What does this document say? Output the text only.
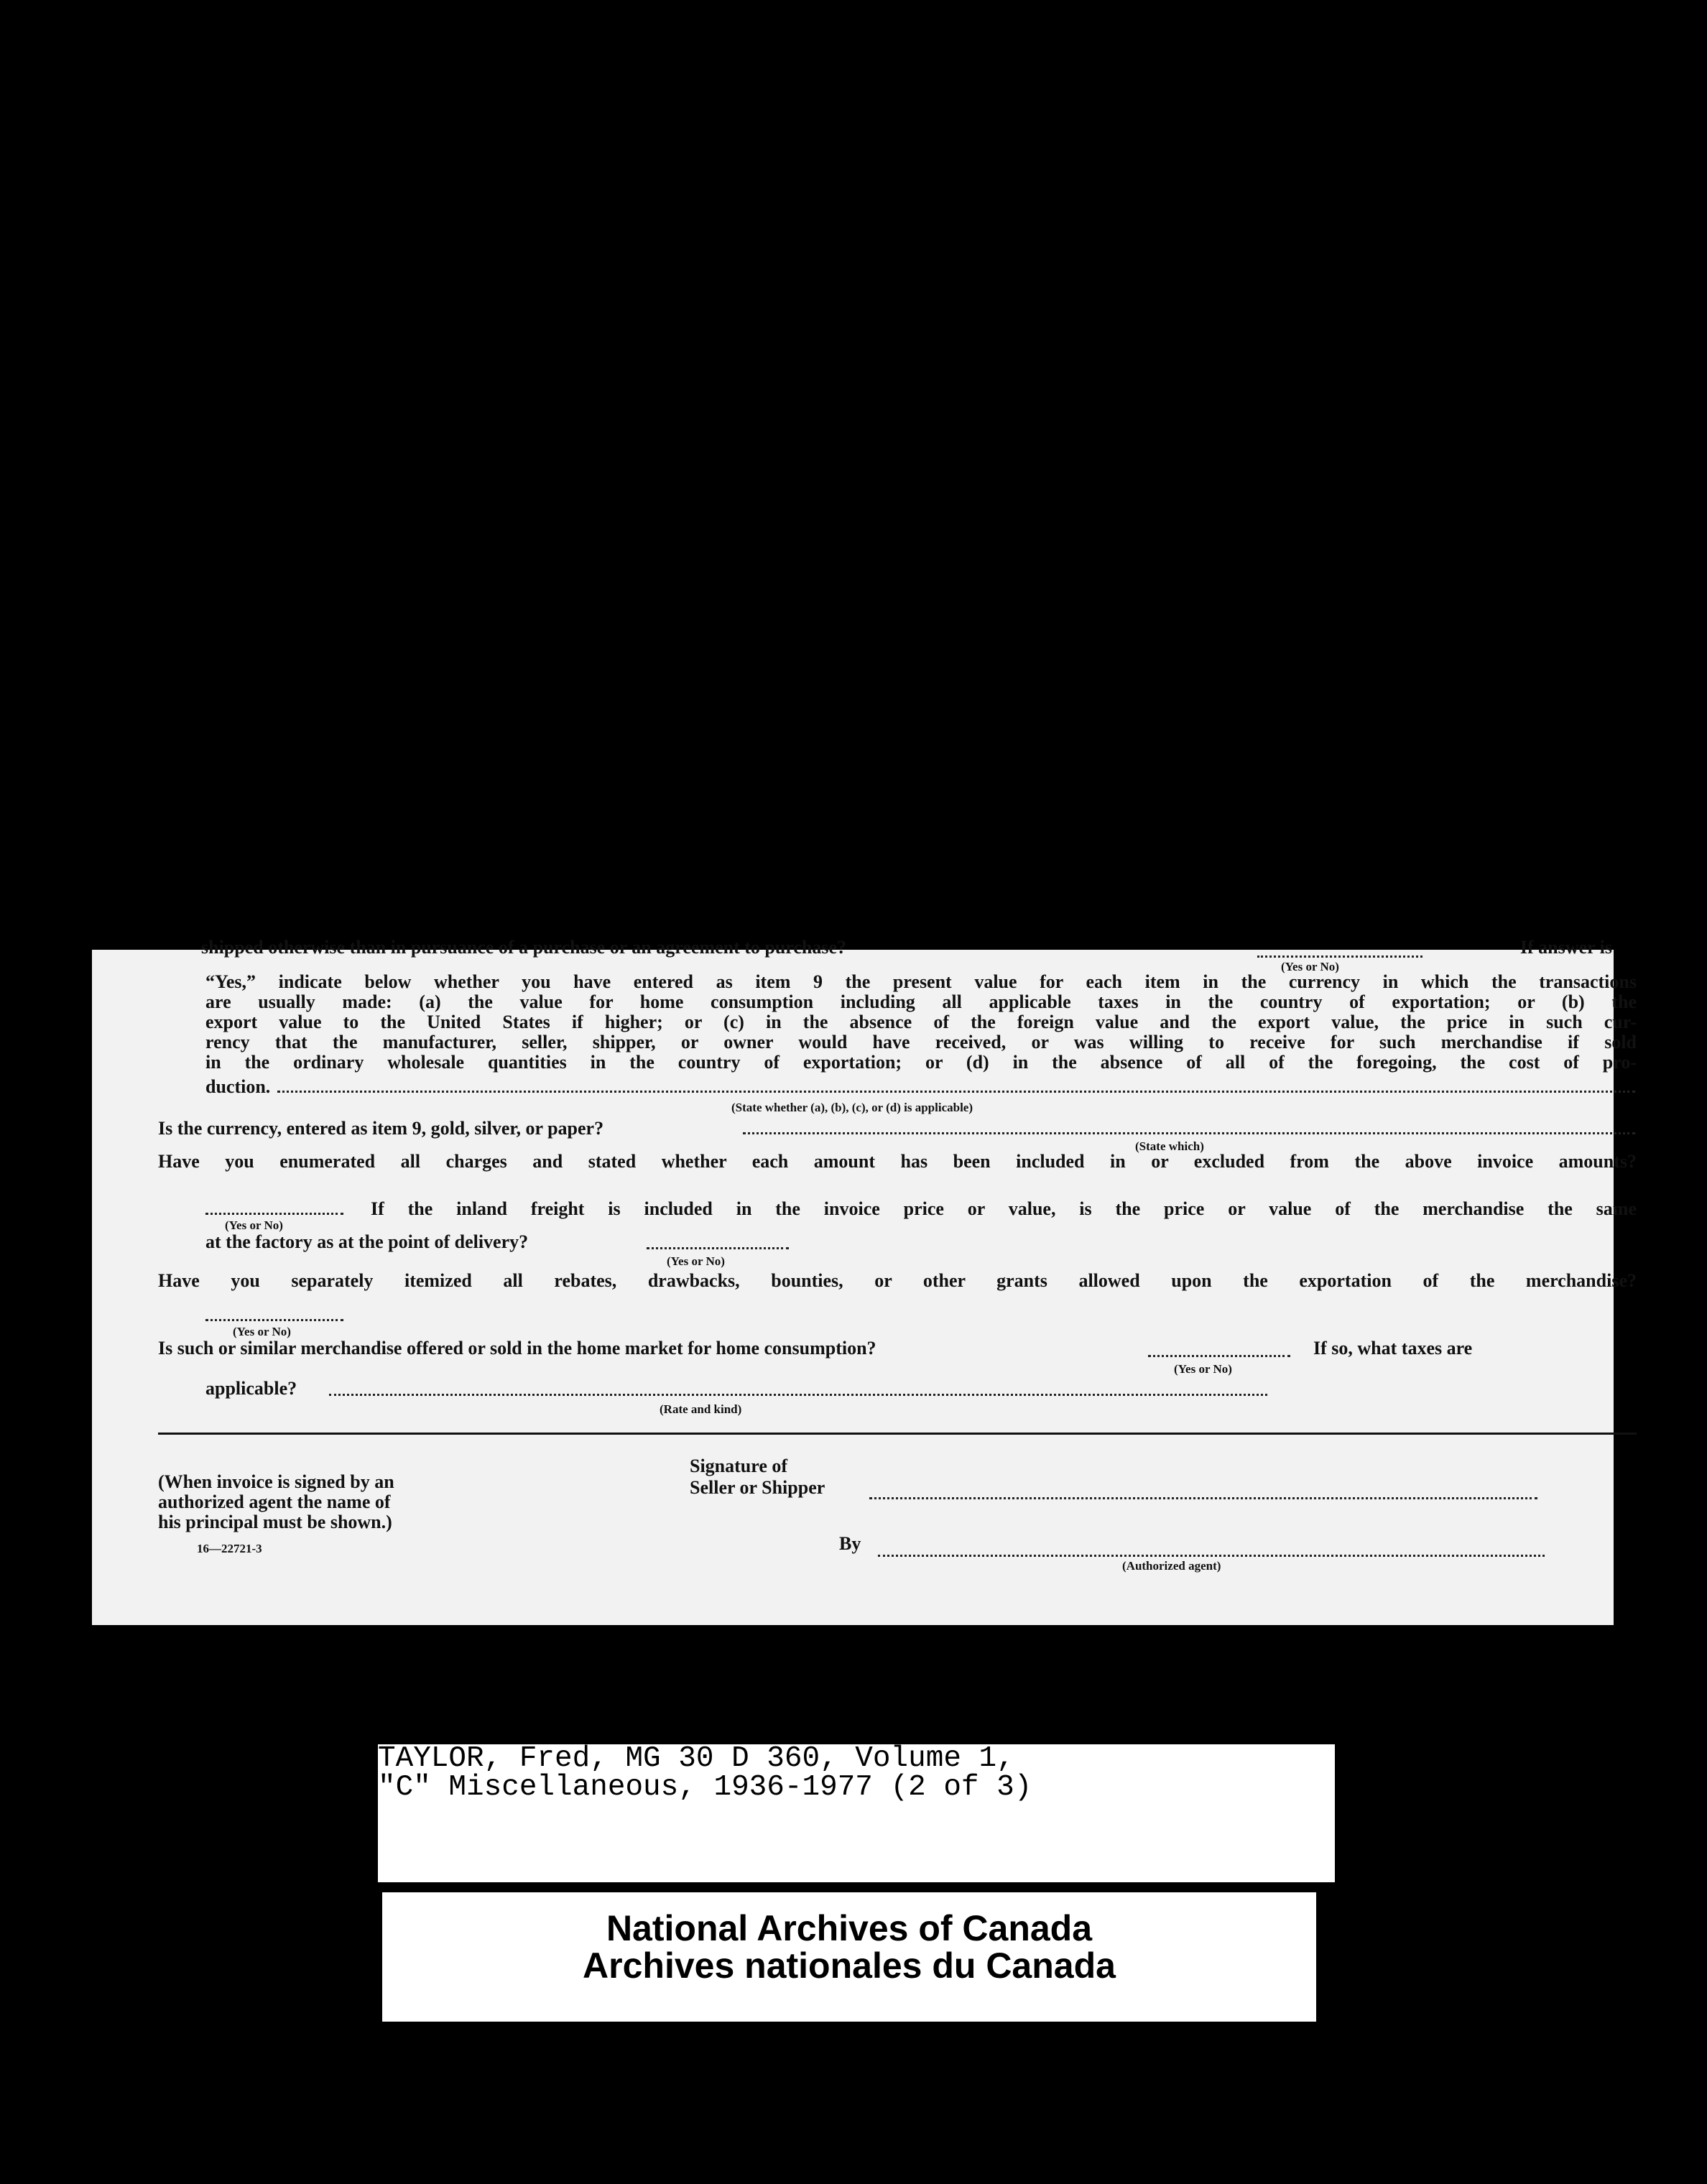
shipped otherwise than in pursuance of a purchase or an agreement to purchase?	If answer is
(Yes or No)
“Yes,” indicate below whether you have entered as item 9 the present value for each item in the currency in which the transactions
are usually made: (a) the value for home consumption including all applicable taxes in the country of exportation; or (b) the
export value to the United States if higher; or (c) in the absence of the foreign value and the export value, the price in such cur-
rency that the manufacturer, seller, shipper, or owner would have received, or was willing to receive for such merchandise if sold
in the ordinary wholesale quantities in the country of exportation; or (d) in the absence of all of the foregoing, the cost of pro-
duction.
(State whether (a), (b), (c), or (d) is applicable)
Is the currency, entered as item 9, gold, silver, or paper?
(State which)
Have you enumerated all charges and stated whether each amount has been included in or excluded from the above invoice amounts?
(Yes or No)
If the inland freight is included in the invoice price or value, is the price or value of the merchandise the same
at the factory as at the point of delivery?
(Yes or No)
Have you separately itemized all rebates, drawbacks, bounties, or other grants allowed upon the exportation of the merchandise?
(Yes or No)
Is such or similar merchandise offered or sold in the home market for home consumption?
(Yes or No)
If so, what taxes are
applicable?
(Rate and kind)
(When invoice is signed by an
authorized agent the name of
his principal must be shown.)
16—22721-3
Signature of
Seller or Shipper
By
(Authorized agent)
TAYLOR, Fred, MG 30 D 360, Volume 1,
"C" Miscellaneous, 1936-1977 (2 of 3)
National Archives of Canada
Archives nationales du Canada
